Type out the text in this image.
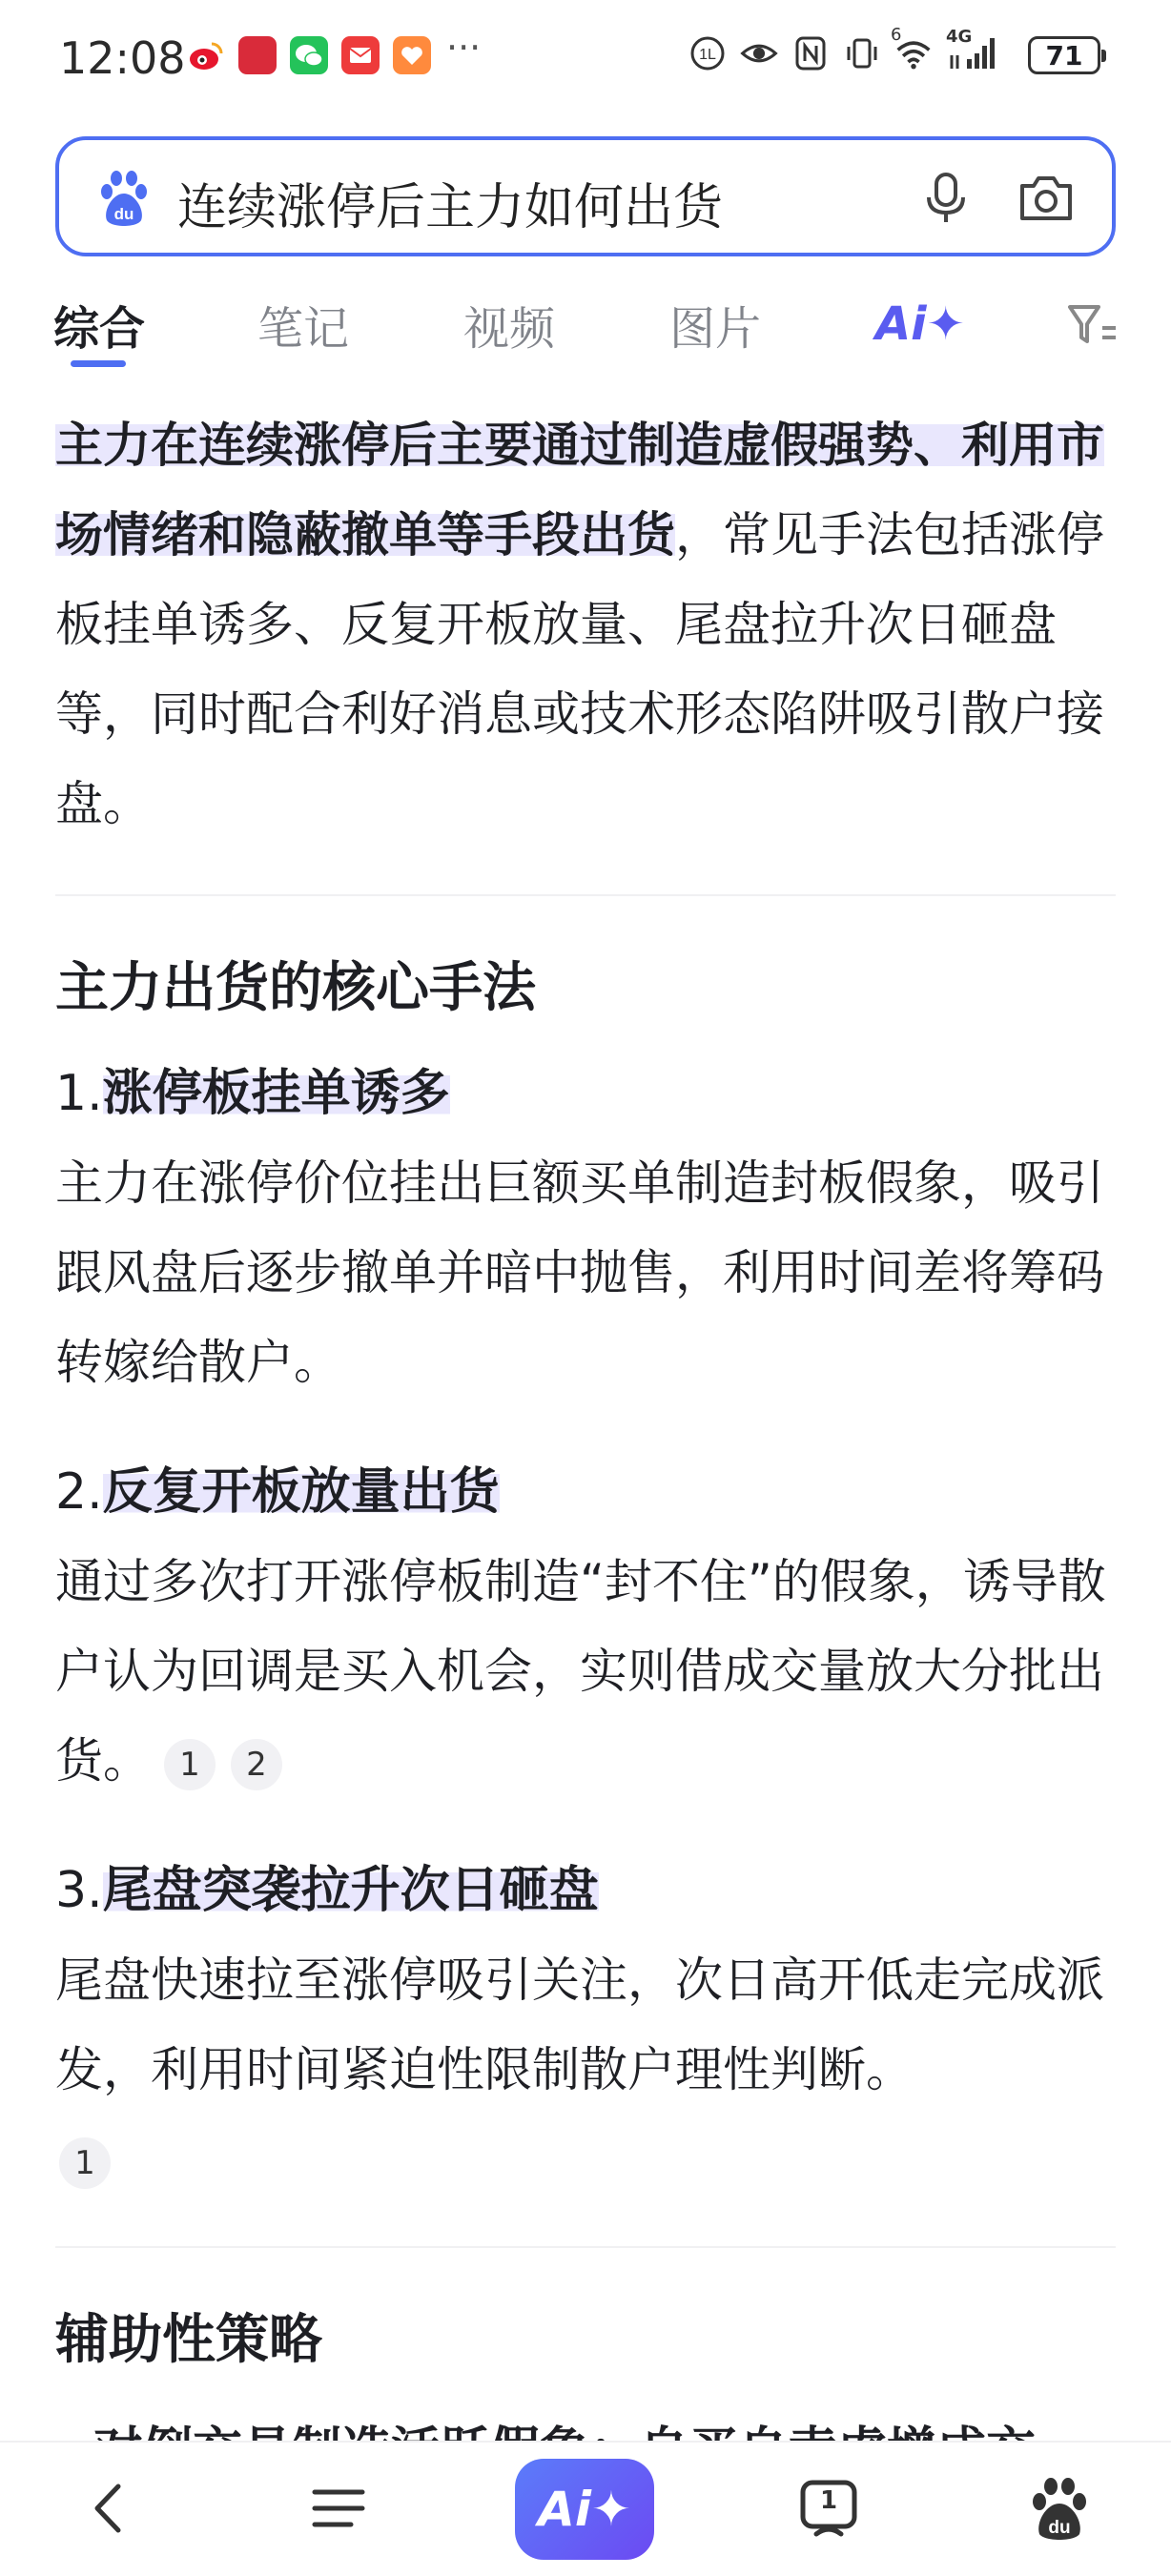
12:08	···	1L
6	4G
71
du 连续涨停后主力如何出货
综合 笔记 视频 图片 Ai✦

主力在连续涨停后主要通过制造虚假强势、利用市场情绪和隐蔽撤单等手段出货，常见手法包括涨停板挂单诱多、反复开板放量、尾盘拉升次日砸盘等，同时配合利好消息或技术形态陷阱吸引散户接盘。

主力出货的核心手法

1.涨停板挂单诱多

主力在涨停价位挂出巨额买单制造封板假象，吸引跟风盘后逐步撤单并暗中抛售，利用时间差将筹码转嫁给散户。

2.反复开板放量出货

通过多次打开涨停板制造“封不住”的假象，诱导散户认为回调是买入机会，实则借成交量放大分批出货。 1 2

3.尾盘突袭拉升次日砸盘

尾盘快速拉至涨停吸引关注，次日高开低走完成派发，利用时间紧迫性限制散户理性判断。
1

辅助性策略

Ai✦	1
du
